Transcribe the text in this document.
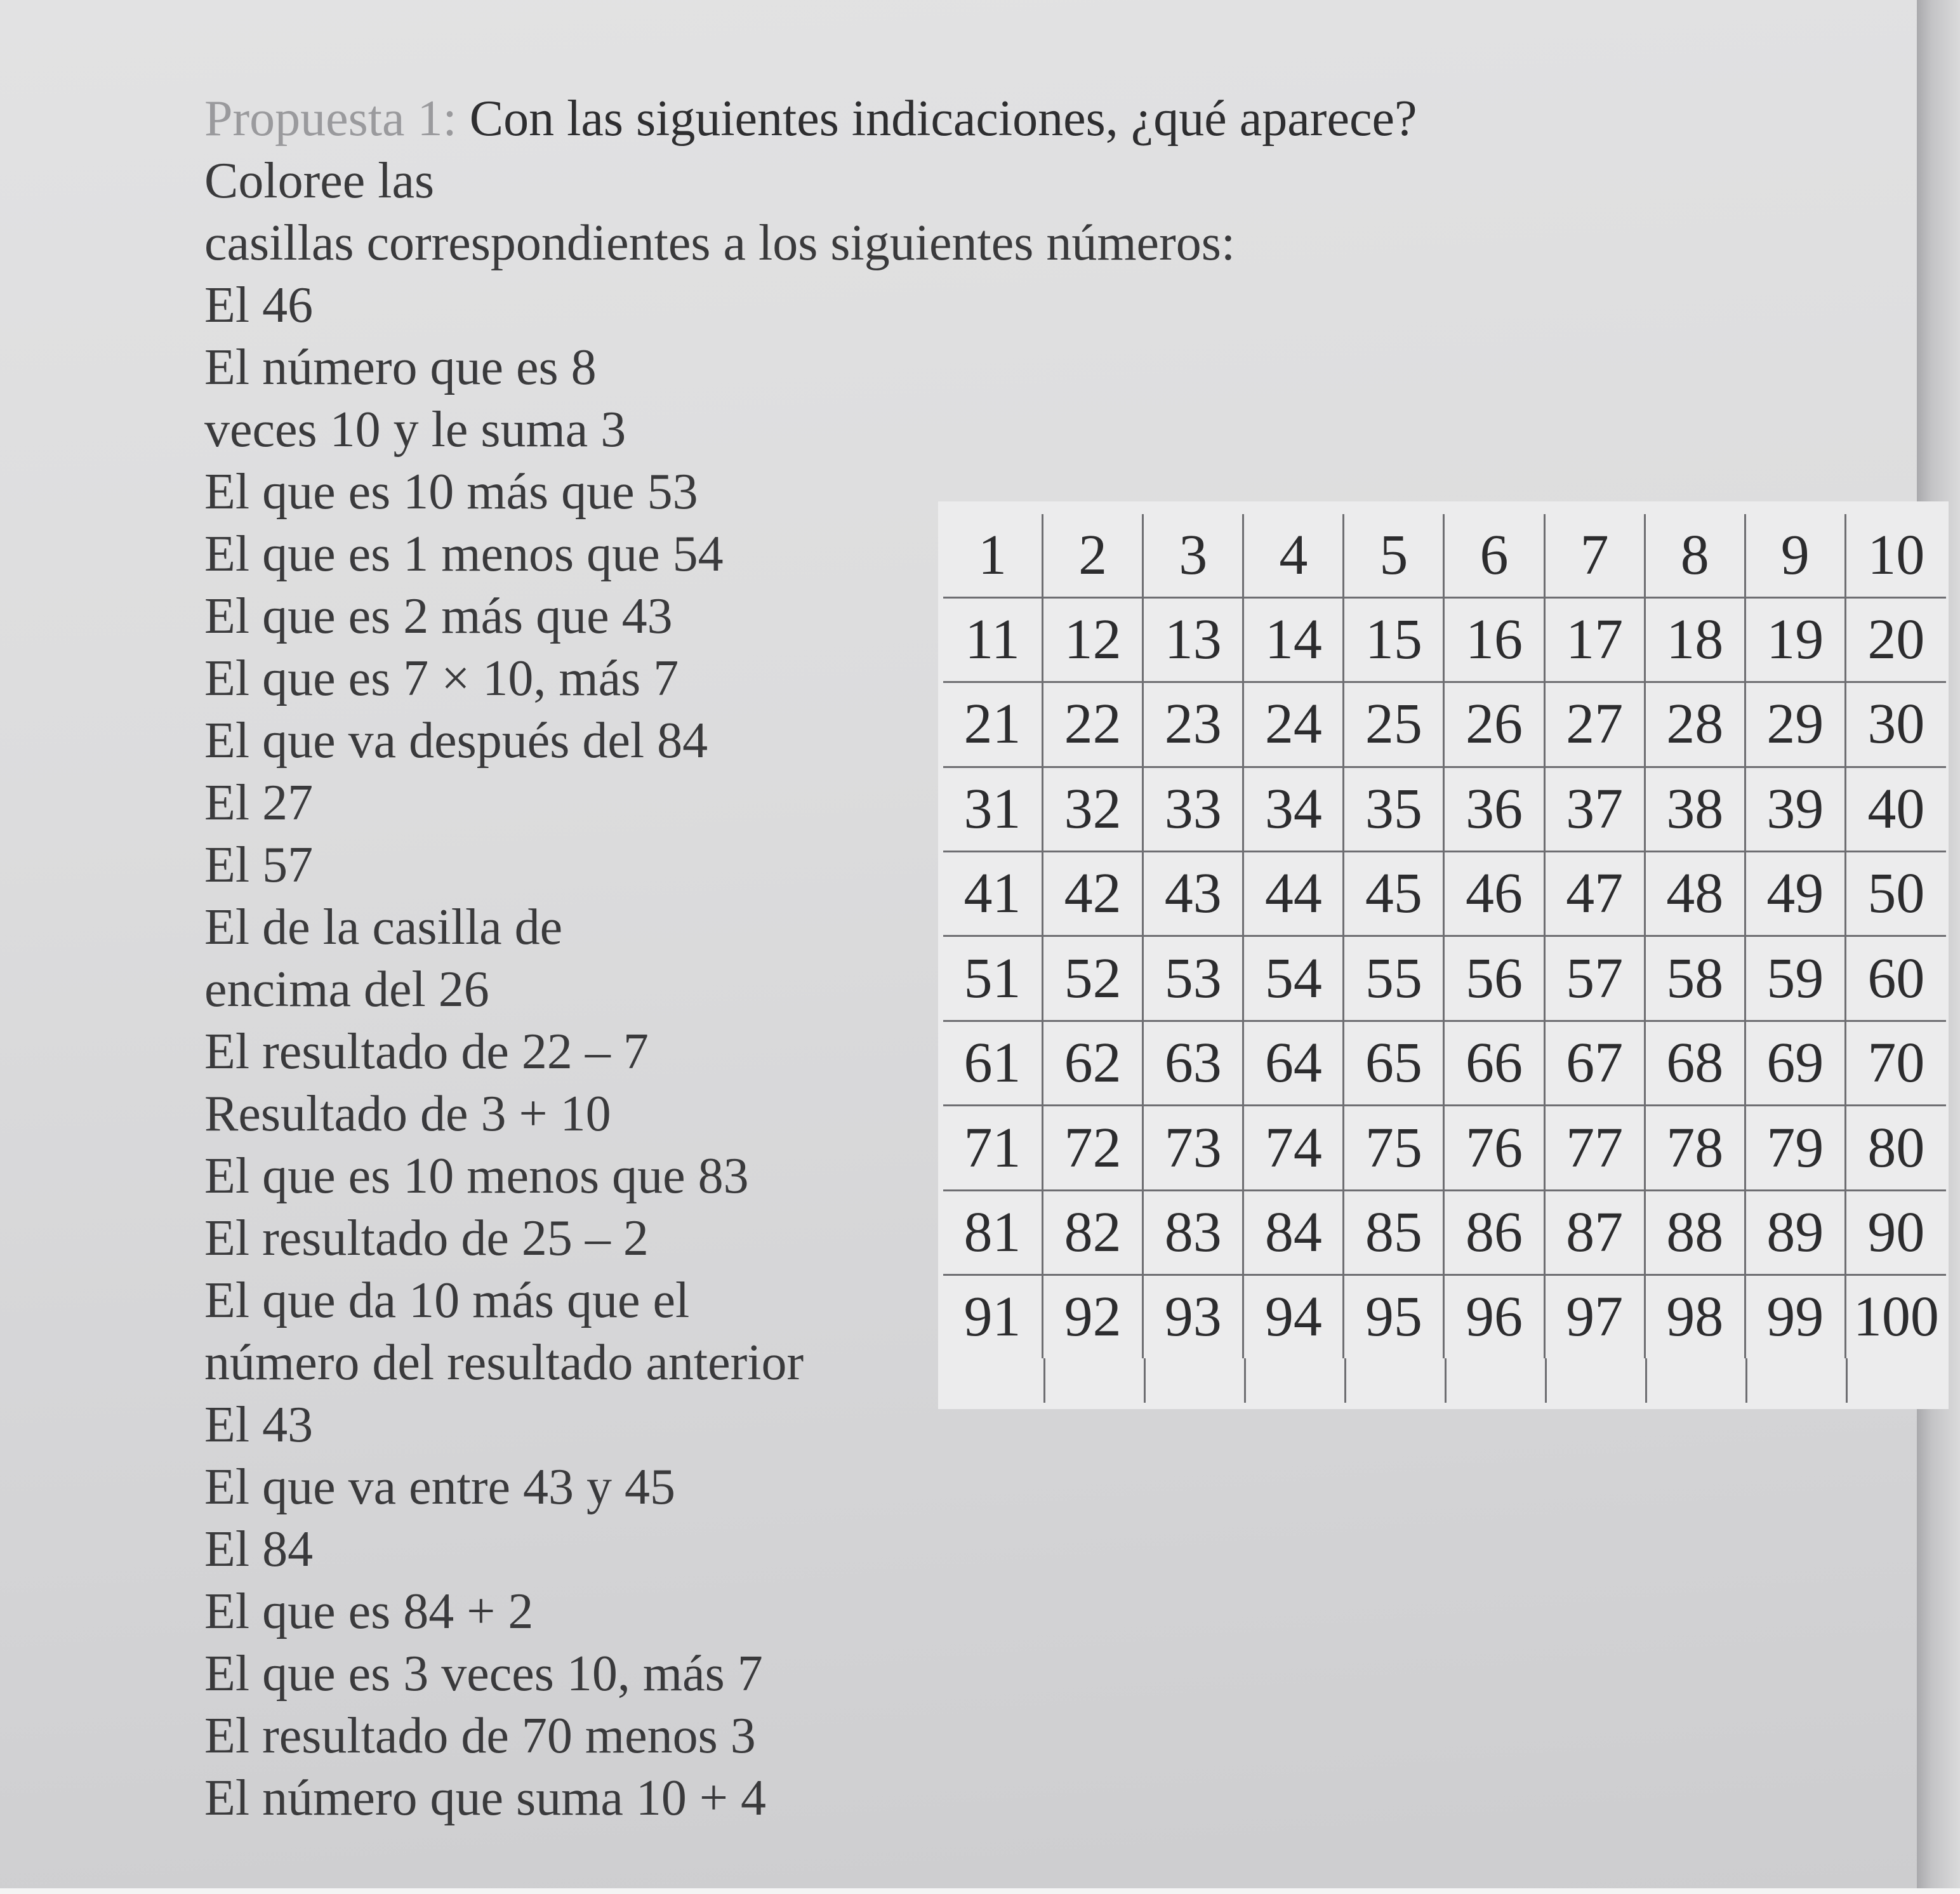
Propuesta 1: Con las siguientes indicaciones, ¿qué aparece?
Coloree las
casillas correspondientes a los siguientes números:
El 46
El número que es 8
veces 10 y le suma 3
El que es 10 más que 53
El que es 1 menos que 54
El que es 2 más que 43
El que es 7 × 10, más 7
El que va después del 84
El 27
El 57
El de la casilla de
encima del 26
El resultado de 22 – 7
Resultado de 3 + 10
El que es 10 menos que 83
El resultado de 25 – 2
El que da 10 más que el
número del resultado anterior
El 43
El que va entre 43 y 45
El 84
El que es 84 + 2
El que es 3 veces 10, más 7
El resultado de 70 menos 3
El número que suma 10 + 4
1	2	3	4	5	6	7	8	9	10
11	12	13	14	15	16	17	18	19	20
21	22	23	24	25	26	27	28	29	30
31	32	33	34	35	36	37	38	39	40
41	42	43	44	45	46	47	48	49	50
51	52	53	54	55	56	57	58	59	60
61	62	63	64	65	66	67	68	69	70
71	72	73	74	75	76	77	78	79	80
81	82	83	84	85	86	87	88	89	90
91	92	93	94	95	96	97	98	99	100
